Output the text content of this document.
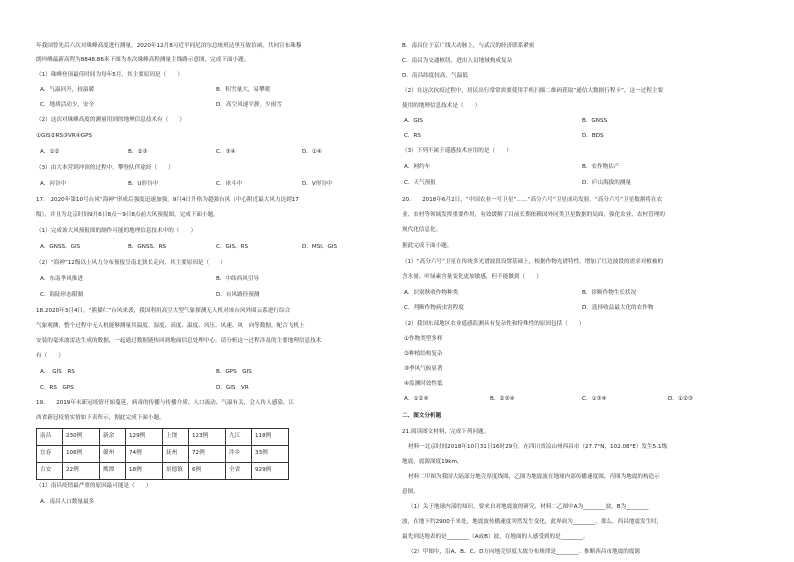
年我国曾先后六次对珠峰高度进行测量。2020年12月8习近平同尼泊尔总统班达里互致信函，共同宣布珠穆
朗玛峰最新高程为8848.86米下图为本次珠峰高程测量主线路示意图，完成下面小题。
（1）珠峰登顶最佳时间为每年5月，其主要原因是（　　）
A．气温回升，较温暖	B．积雪量大，易攀爬
C．地质活动少，安全	D．高空风速平静，少雨雪
（2）这次对珠峰高度的测量用到的地理信息技术有（　　）
①GIS②RS③VR④GPS
A．①②	B．②③	C．③④	D．①④
（3）由大本营到冲顶的过程中，攀登队伴途经（　　）
A．河谷中	B．U形谷中	C．冰斗中	D．V形谷中
17.　2020年第10号台风“海神”形成后强度迅速加强，9月4日升格为超强台风（中心附近最大风力达到17
级），并且为北京时间9月6日8点～9日8点前大风预报图，完成下面小题。
（1）完成该大风预报图的制作可能的地理信息技术中的（　　）
A．GNSS、GIS	B．GNSS、RS	C．GIS、RS	D．MSI、GIS
（2）“海神”12级以上风力分布预报呈南北狭长走向，其主要原因是（　　）
A．东南季风推进	B．中纬西风引导
C．海陆形态限制	D．台风路径预测
18.2020年3月4日，“熊猫仁”台风来袭，我国利用高空大型气象探测无人机对该台风外围云系进行综合
气象观测，整个过程中无人机能够测量其温度、湿度、高度、温度、风压、风速、风　向等数据，配合飞机上
安装的毫米波雷达生成的数据，一起通过数据链传回到地面信息处理中心。请分析这一过程涉及的主要地理信息技术
有（　　）
A．　GIS　RS	B．GPS　GIS
C．RS　GPS	D．GIS　VR
19.　　2019年末新冠疫情开始蔓延，病毒的传播与传播介质、人口流动、气温有关，会人传人感染。江
西省新冠疫情实情如下表所示，据此完成下面小题。
南昌	230例	新余	129例	上饶	123例	九江	118例
宜春	106例	赣州	74例	抚州	72例	萍乡	33例
吉安	22例	鹰潭	18例	景德镇	6例	全省	929例
（1）南昌疫情最严重的原因最可能是（　　）
A．南昌人口数量最多
B．南昌位于京广线大动脉上，与武汉的经济联系紧密
C．南昌为交通枢纽，进出人员地域构成复杂
D．南昌纬度较高，气温低
（2）在这次抗疫过程中，居民出行常常需要使用手机扫描二维码获取“通信大数据行程卡”，这一过程主要
使用的地理信息技术是（　　）
A．GIS	B．GNSS
C．RS	D．BDS
（3）下列不属于遥感技术应用的是（　　）
A．网约车	B．农作物估产
C．天气预报	D．庐山海拔的测量
20.　　2018年6月2日，“中国农业一号卫星”……“高分六号”卫星成功发射。“高分六号”卫星数据将在农
业、农村等领域发挥重要作用，有效缓解了目前长期依赖国外同类卫星数据的局面，强化农业、农村管理的
现代化信息化。
据此完成下面小题。
（1）“高分六号”卫星在传统多光谱波段设置基础上，根据作物光谱特性，增加了红边波段的需求对植被的
含水量、叶绿素含量变化更加敏感，但不能做到（　　）
A．识别秋收作物种类	B．诊断作物生长状况
C．判断作物病虫害程度	D．选择收益最大化的农作物
（2）我国东部地区农业遥感监测具有复杂性和特殊性的原因包括（　　）
①作物类型多样
②种植结构复杂
③季风气候显著
④监测时效性低
A．①②④	B．②③④	C．①③④	D．①②③
二、图文分析题
21.阅读图文材料，完成下列问题。
材料一北京时间2018年10月31日16时29分，在四川省凉山州西昌市（27.7°N，102.08°E）发生5.1级
地震，震源深度19km。
材料二甲图为我国大陆部分地壳厚度线图，乙图为地震波在地球内部传播速度图，丙图为地震的构造示
意图。
（1）关于地球内部的知识，要来自对地震波的研究，材料二乙图中A为________波，B为________
波，在地下约2900千米处，地震波传播速度突然发生变化，此界面为________。那么，西昌地震发生时，
最先到达地表的是________（A或B）波，在地面的人感受到的是________。
（2）甲图中，沿A、B、C、D方向地壳厚度大致分布规律是________。推断西昌市地震的震源
